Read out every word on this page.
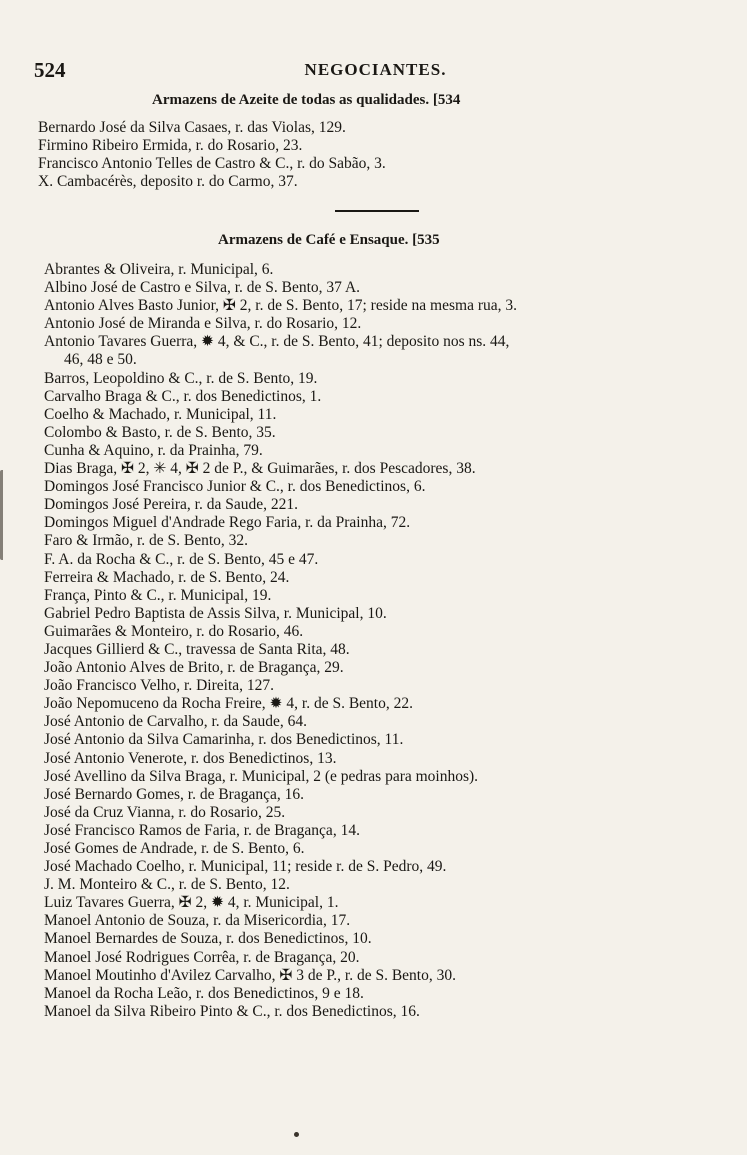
524	NEGOCIANTES.
Armazens de Azeite de todas as qualidades. [534
Bernardo José da Silva Casaes, r. das Violas, 129.
Firmino Ribeiro Ermida, r. do Rosario, 23.
Francisco Antonio Telles de Castro & C., r. do Sabão, 3.
X. Cambacérès, deposito r. do Carmo, 37.
Armazens de Café e Ensaque. [535
Abrantes & Oliveira, r. Municipal, 6.
Albino José de Castro e Silva, r. de S. Bento, 37 A.
Antonio Alves Basto Junior, ✠ 2, r. de S. Bento, 17; reside na mesma rua, 3.
Antonio José de Miranda e Silva, r. do Rosario, 12.
Antonio Tavares Guerra, ✹ 4, & C., r. de S. Bento, 41; deposito nos ns. 44,
46, 48 e 50.
Barros, Leopoldino & C., r. de S. Bento, 19.
Carvalho Braga & C., r. dos Benedictinos, 1.
Coelho & Machado, r. Municipal, 11.
Colombo & Basto, r. de S. Bento, 35.
Cunha & Aquino, r. da Prainha, 79.
Dias Braga, ✠ 2, ✳ 4, ✠ 2 de P., & Guimarães, r. dos Pescadores, 38.
Domingos José Francisco Junior & C., r. dos Benedictinos, 6.
Domingos José Pereira, r. da Saude, 221.
Domingos Miguel d'Andrade Rego Faria, r. da Prainha, 72.
Faro & Irmão, r. de S. Bento, 32.
F. A. da Rocha & C., r. de S. Bento, 45 e 47.
Ferreira & Machado, r. de S. Bento, 24.
França, Pinto & C., r. Municipal, 19.
Gabriel Pedro Baptista de Assis Silva, r. Municipal, 10.
Guimarães & Monteiro, r. do Rosario, 46.
Jacques Gillierd & C., travessa de Santa Rita, 48.
João Antonio Alves de Brito, r. de Bragança, 29.
João Francisco Velho, r. Direita, 127.
João Nepomuceno da Rocha Freire, ✹ 4, r. de S. Bento, 22.
José Antonio de Carvalho, r. da Saude, 64.
José Antonio da Silva Camarinha, r. dos Benedictinos, 11.
José Antonio Venerote, r. dos Benedictinos, 13.
José Avellino da Silva Braga, r. Municipal, 2 (e pedras para moinhos).
José Bernardo Gomes, r. de Bragança, 16.
José da Cruz Vianna, r. do Rosario, 25.
José Francisco Ramos de Faria, r. de Bragança, 14.
José Gomes de Andrade, r. de S. Bento, 6.
José Machado Coelho, r. Municipal, 11; reside r. de S. Pedro, 49.
J. M. Monteiro & C., r. de S. Bento, 12.
Luiz Tavares Guerra, ✠ 2, ✹ 4, r. Municipal, 1.
Manoel Antonio de Souza, r. da Misericordia, 17.
Manoel Bernardes de Souza, r. dos Benedictinos, 10.
Manoel José Rodrigues Corrêa, r. de Bragança, 20.
Manoel Moutinho d'Avilez Carvalho, ✠ 3 de P., r. de S. Bento, 30.
Manoel da Rocha Leão, r. dos Benedictinos, 9 e 18.
Manoel da Silva Ribeiro Pinto & C., r. dos Benedictinos, 16.
